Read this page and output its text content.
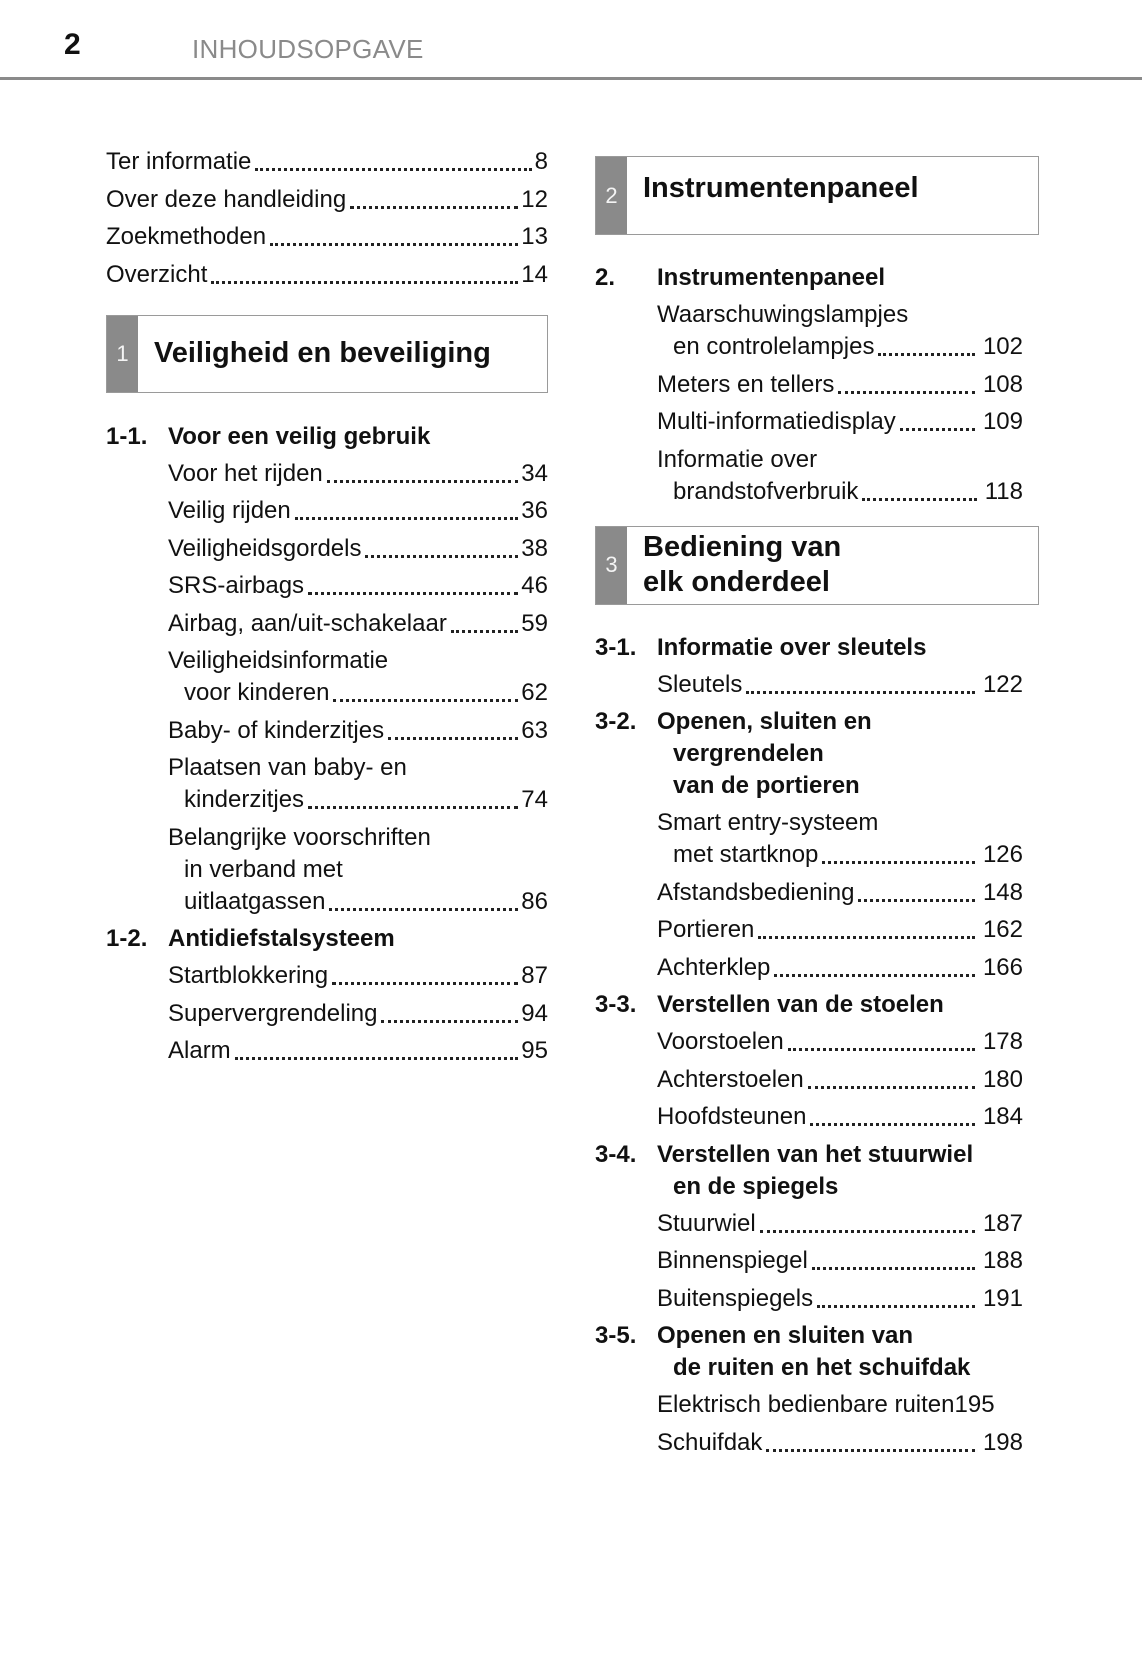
2	INHOUDSOPGAVE
Ter informatie	8
Over deze handleiding	12
Zoekmethoden	13
Overzicht	14
1 Veiligheid en beveiliging
1-1. Voor een veilig gebruik
Voor het rijden	34
Veilig rijden	36
Veiligheidsgordels	38
SRS-airbags	46
Airbag, aan/uit-schakelaar	59
Veiligheidsinformatie
voor kinderen	62
Baby- of kinderzitjes	63
Plaatsen van baby- en
kinderzitjes	74
Belangrijke voorschriften
in verband met
uitlaatgassen	86
1-2. Antidiefstalsysteem
Startblokkering	87
Supervergrendeling	94
Alarm	95
2 Instrumentenpaneel
2.	Instrumentenpaneel
Waarschuwingslampjes
en controlelampjes	102
Meters en tellers	108
Multi-informatiedisplay	109
Informatie over
brandstofverbruik	118
3
Bediening van
elk onderdeel
3-1. Informatie over sleutels
Sleutels	122
3-2. Openen, sluiten en
vergrendelen
van de portieren
Smart entry-systeem
met startknop	126
Afstandsbediening	148
Portieren	162
Achterklep	166
3-3. Verstellen van de stoelen
Voorstoelen	178
Achterstoelen	180
Hoofdsteunen	184
3-4. Verstellen van het stuurwiel
en de spiegels
Stuurwiel	187
Binnenspiegel	188
Buitenspiegels	191
3-5. Openen en sluiten van
de ruiten en het schuifdak
Elektrisch bedienbare ruiten 195
Schuifdak	198
